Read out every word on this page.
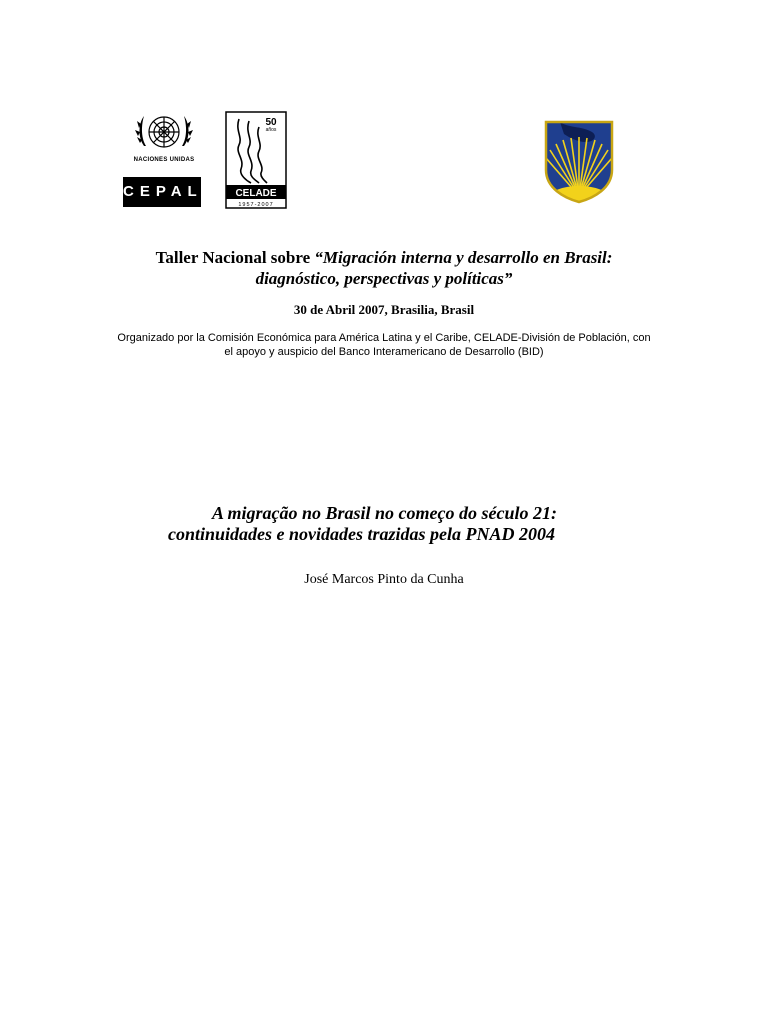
NACIONES UNIDAS
CEPAL
50
años
CELADE
1957-2007
Taller Nacional sobre “Migración interna y desarrollo en Brasil:
diagnóstico, perspectivas y políticas”
30 de Abril 2007, Brasilia, Brasil
Organizado por la Comisión Económica para América Latina y el Caribe, CELADE-División de Población, con
el apoyo y auspicio del Banco Interamericano de Desarrollo (BID)
A migração no Brasil no começo do século 21:
continuidades e novidades trazidas pela PNAD 2004
José Marcos Pinto da Cunha
